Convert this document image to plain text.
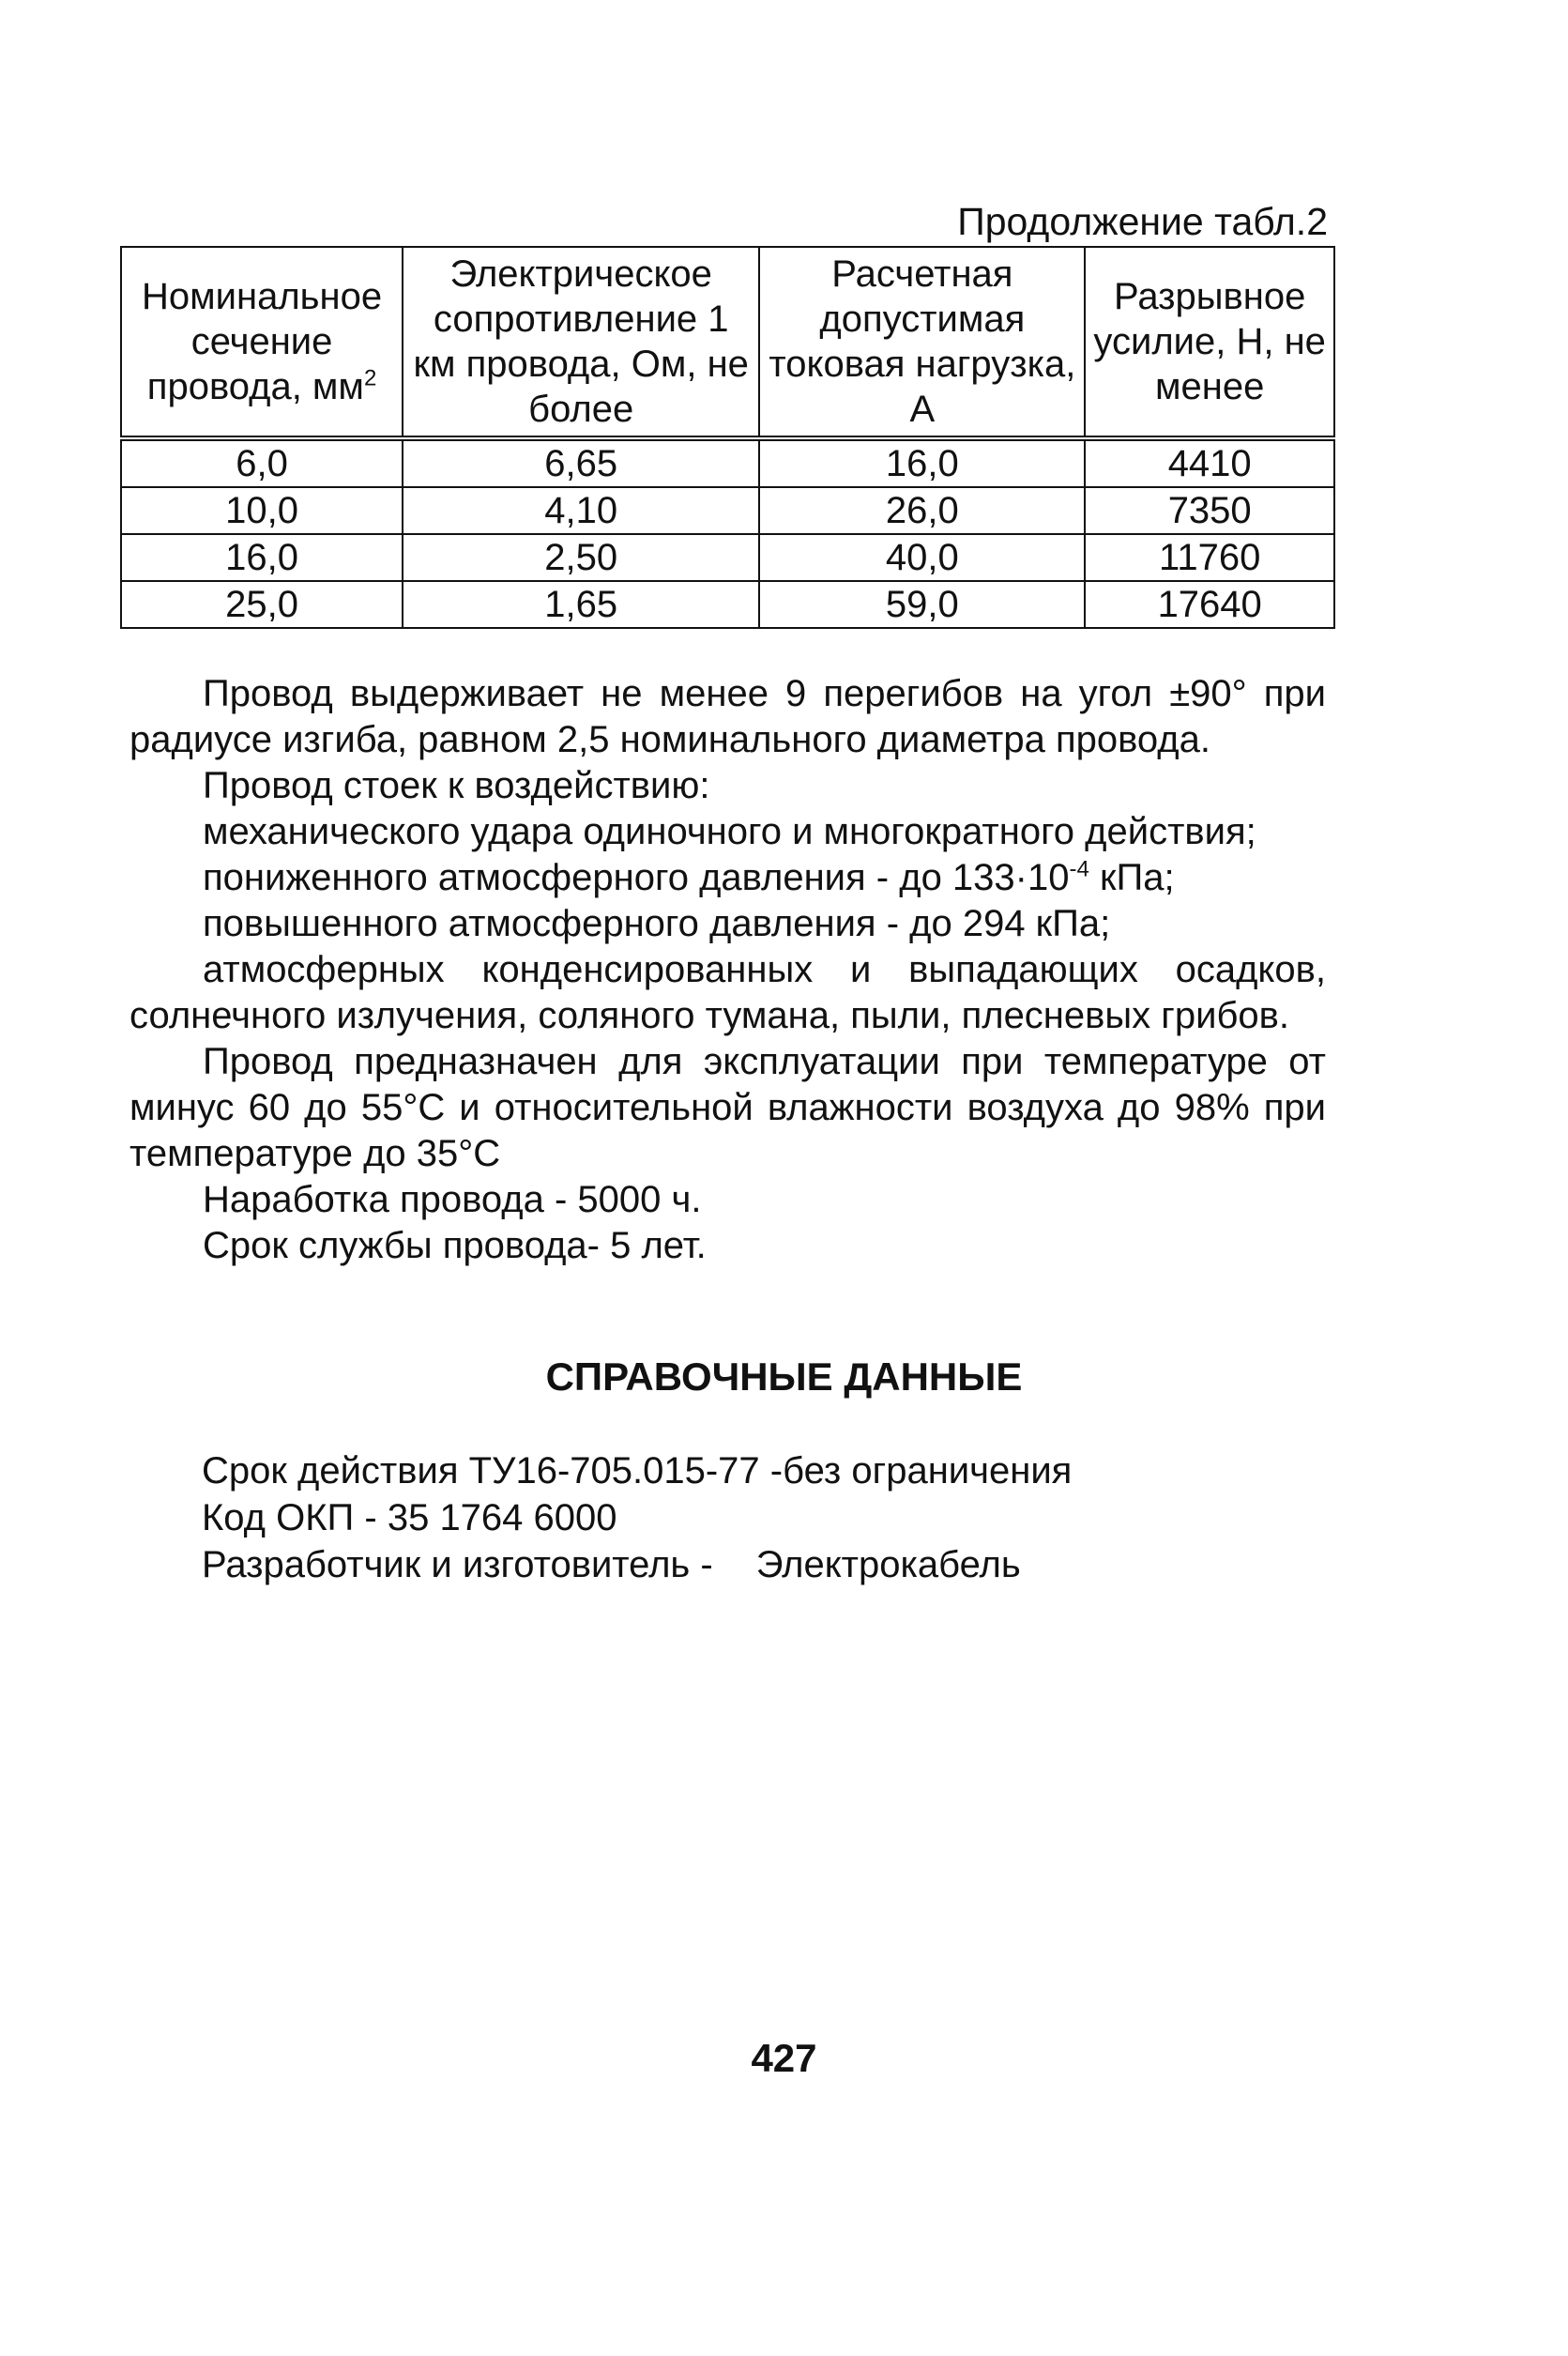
Продолжение табл.2
Номинальное сечение провода, $мм^2$	Электрическое сопротивление 1 км провода, Ом, не более	Расчетная допустимая токовая нагрузка, А	Разрывное усилие, Н, не менее
6,0	6,65	16,0	4410
10,0	4,10	26,0	7350
16,0	2,50	40,0	11760
25,0	1,65	59,0	17640

Провод выдерживает не менее 9 перегибов на угол ±90° при радиусе изгиба, равном 2,5 номинального диаметра провода.

Провод стоек к воздействию:

механического удара одиночного и многократного действия;

пониженного атмосферного давления - до $133\cdot 10^{-4}$ кПа;

повышенного атмосферного давления - до 294 кПа;

атмосферных конденсированных и выпадающих осадков, солнечного излучения, соляного тумана, пыли, плесневых грибов.

Провод предназначен для эксплуатации при температуре от минус 60 до 55°С и относительной влажности воздуха до 98% при температуре до 35°С

Наработка провода - 5000 ч.

Срок службы провода- 5 лет.

СПРАВОЧНЫЕ ДАННЫЕ

Срок действия ТУ16-705.015-77 -без ограничения

Код ОКП - 35 1764 6000

Разработчик и изготовитель - Электрокабель

427
